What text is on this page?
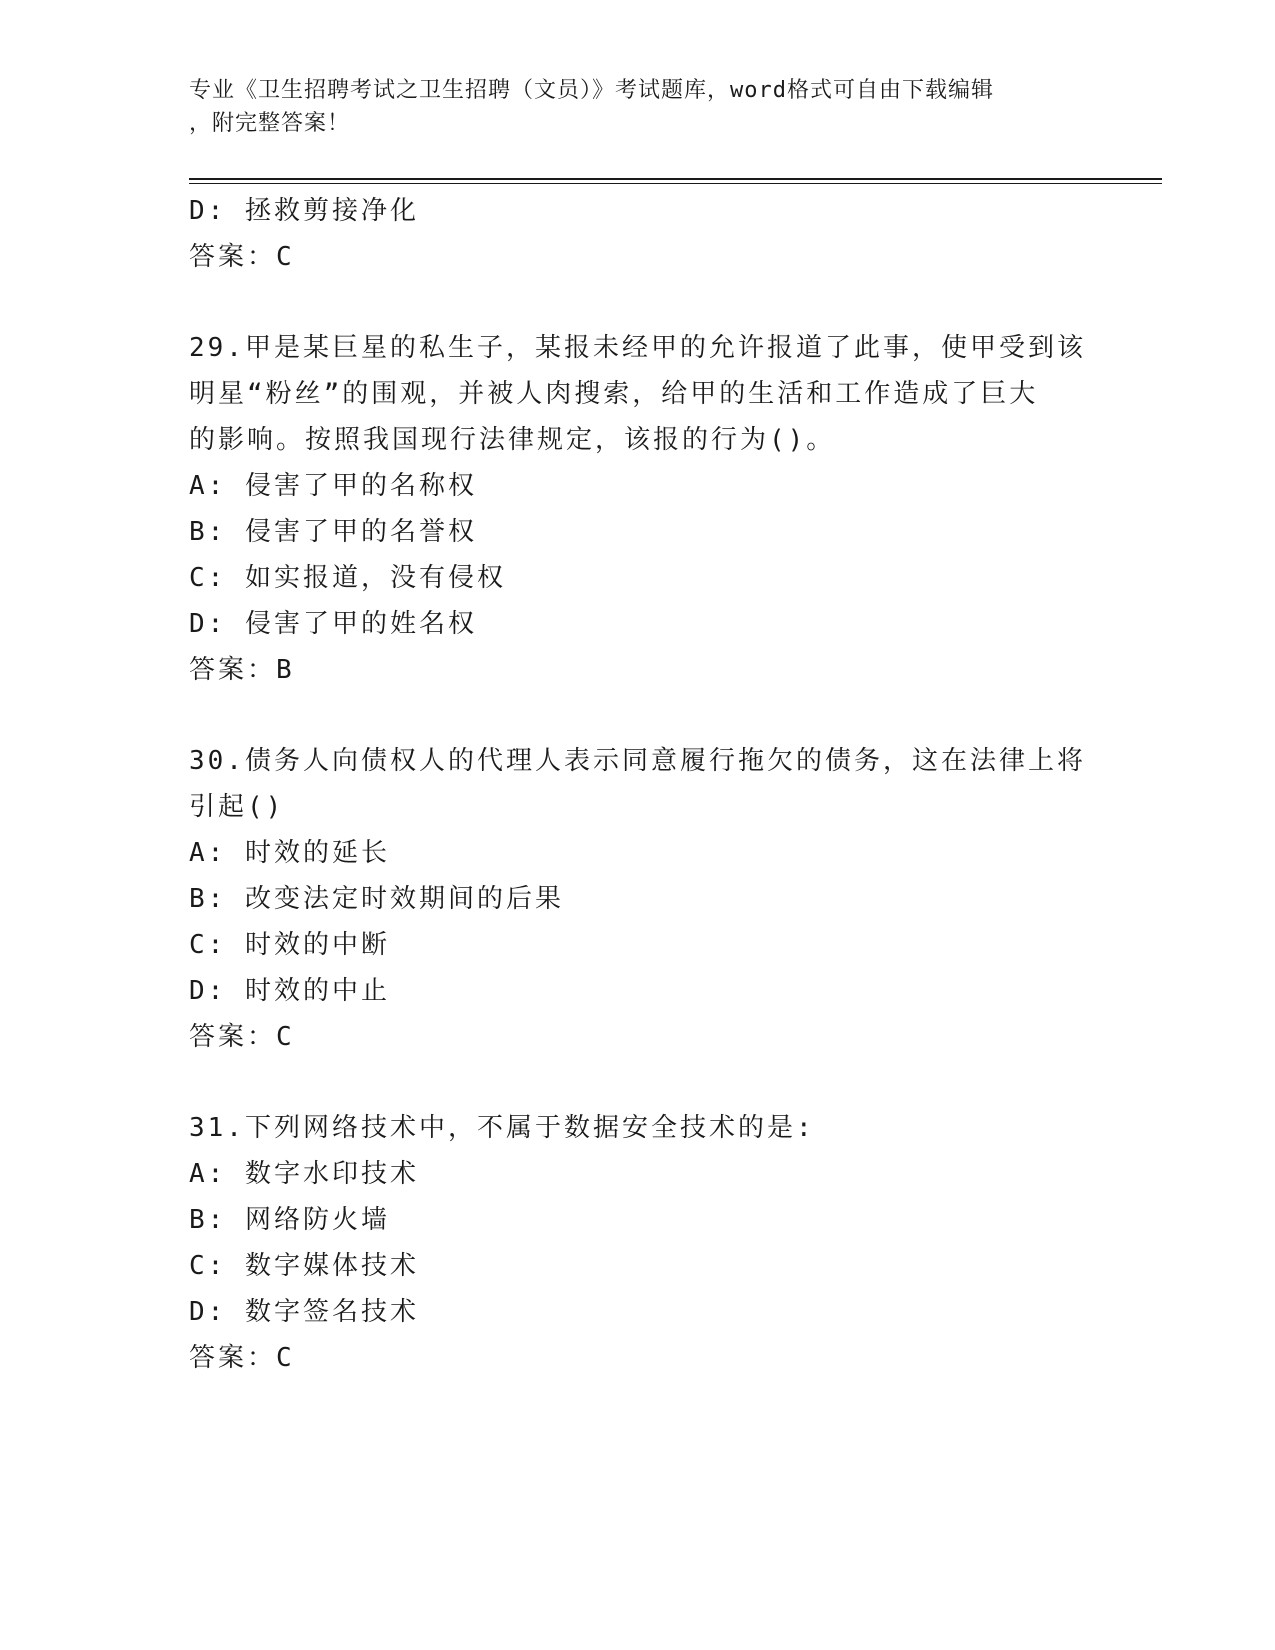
专业《卫生招聘考试之卫生招聘（文员）》考试题库，word格式可自由下载编辑
，附完整答案！
D: 拯救剪接净化
答案：C
29.甲是某巨星的私生子，某报未经甲的允许报道了此事，使甲受到该
明星“粉丝”的围观，并被人肉搜索，给甲的生活和工作造成了巨大
的影响。按照我国现行法律规定，该报的行为()。
A: 侵害了甲的名称权
B: 侵害了甲的名誉权
C: 如实报道，没有侵权
D: 侵害了甲的姓名权
答案：B
30.债务人向债权人的代理人表示同意履行拖欠的债务，这在法律上将
引起()
A: 时效的延长
B: 改变法定时效期间的后果
C: 时效的中断
D: 时效的中止
答案：C
31.下列网络技术中，不属于数据安全技术的是:
A: 数字水印技术
B: 网络防火墙
C: 数字媒体技术
D: 数字签名技术
答案：C
